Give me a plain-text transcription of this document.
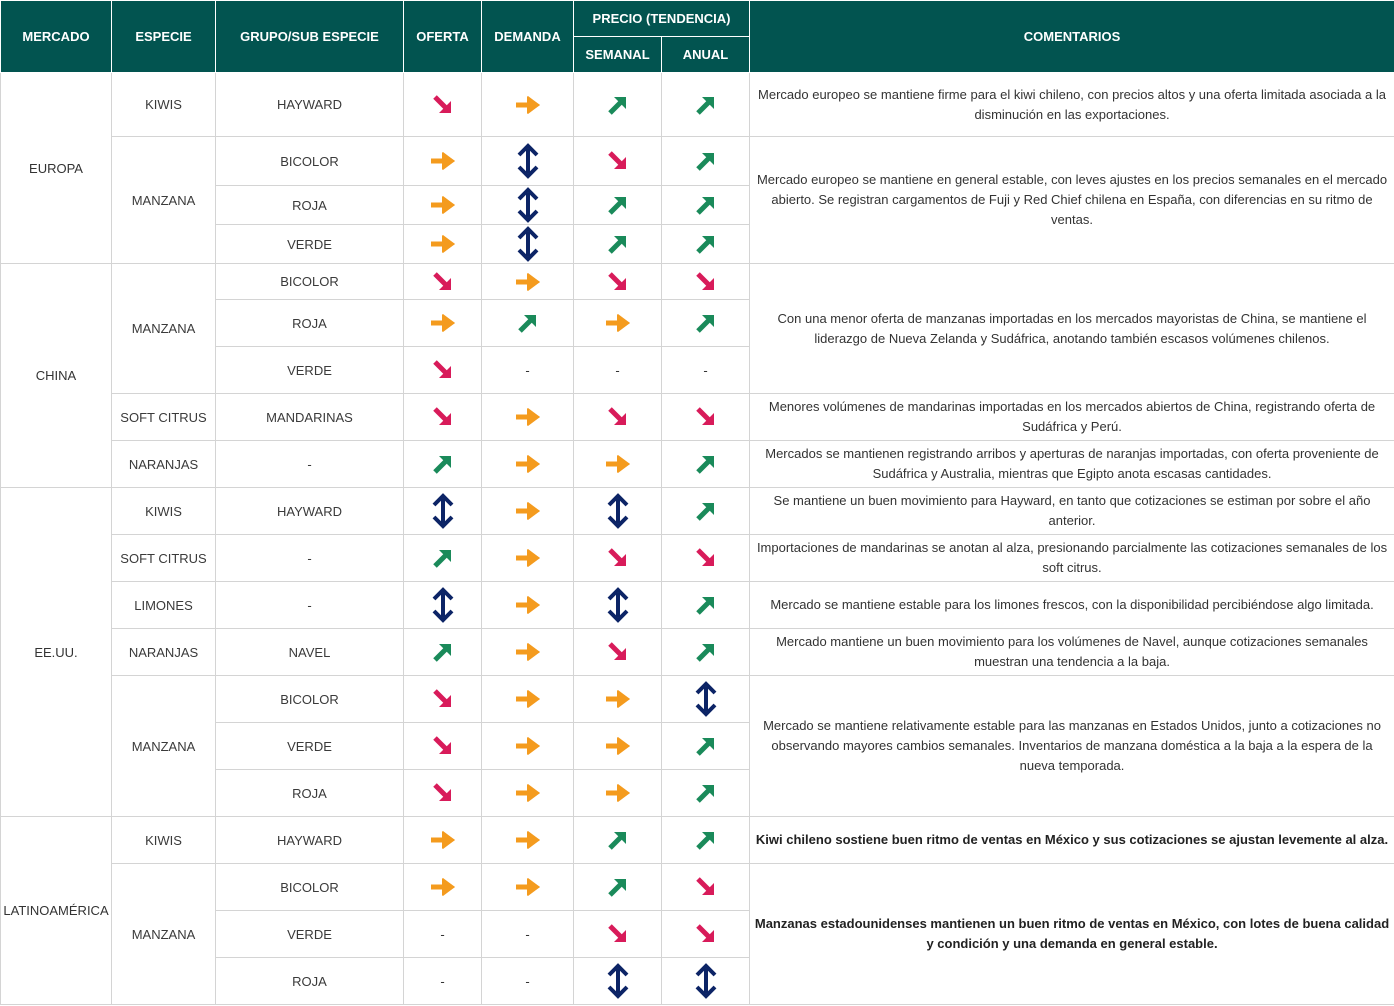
MERCADO	ESPECIE	GRUPO/SUB ESPECIE	OFERTA	DEMANDA	PRECIO (TENDENCIA)		COMENTARIOS
					SEMANAL	ANUAL	
EUROPA	KIWIS	HAYWARD					Mercado europeo se mantiene firme para el kiwi chileno, con precios altos y una oferta limitada asociada a la disminución en las exportaciones.
	MANZANA	BICOLOR					Mercado europeo se mantiene en general estable, con leves ajustes en los precios semanales en el mercado abierto. Se registran cargamentos de Fuji y Red Chief chilena en España, con diferencias en su ritmo de ventas.
		ROJA	

		VERDE	

CHINA	MANZANA	BICOLOR					Con una menor oferta de manzanas importadas en los mercados mayoristas de China, se mantiene el liderazgo de Nueva Zelanda y Sudáfrica, anotando también escasos volúmenes chilenos.
		ROJA	

		VERDE		-	-	-	
	SOFT CITRUS	MANDARINAS					Menores volúmenes de mandarinas importadas en los mercados abiertos de China, registrando oferta de Sudáfrica y Perú.
	NARANJAS	-					Mercados se mantienen registrando arribos y aperturas de naranjas importadas, con oferta proveniente de Sudáfrica y Australia, mientras que Egipto anota escasas cantidades.
EE.UU.	KIWIS	HAYWARD					Se mantiene un buen movimiento para Hayward, en tanto que cotizaciones se estiman por sobre el año anterior.
	SOFT CITRUS	-					Importaciones de mandarinas se anotan al alza, presionando parcialmente las cotizaciones semanales de los soft citrus.
	LIMONES	-					Mercado se mantiene estable para los limones frescos, con la disponibilidad percibiéndose algo limitada.
	NARANJAS	NAVEL					Mercado mantiene un buen movimiento para los volúmenes de Navel, aunque cotizaciones semanales muestran una tendencia a la baja.
	MANZANA	BICOLOR					Mercado se mantiene relativamente estable para las manzanas en Estados Unidos, junto a cotizaciones no observando mayores cambios semanales. Inventarios de manzana doméstica a la baja a la espera de la nueva temporada.
		VERDE	

		ROJA	

LATINOAMÉRICA	KIWIS	HAYWARD					Kiwi chileno sostiene buen ritmo de ventas en México y sus cotizaciones se ajustan levemente al alza.
	MANZANA	BICOLOR					Manzanas estadounidenses mantienen un buen ritmo de ventas en México, con lotes de buena calidad y condición y una demanda en general estable.
		VERDE	-	-	

		ROJA	-	-	
